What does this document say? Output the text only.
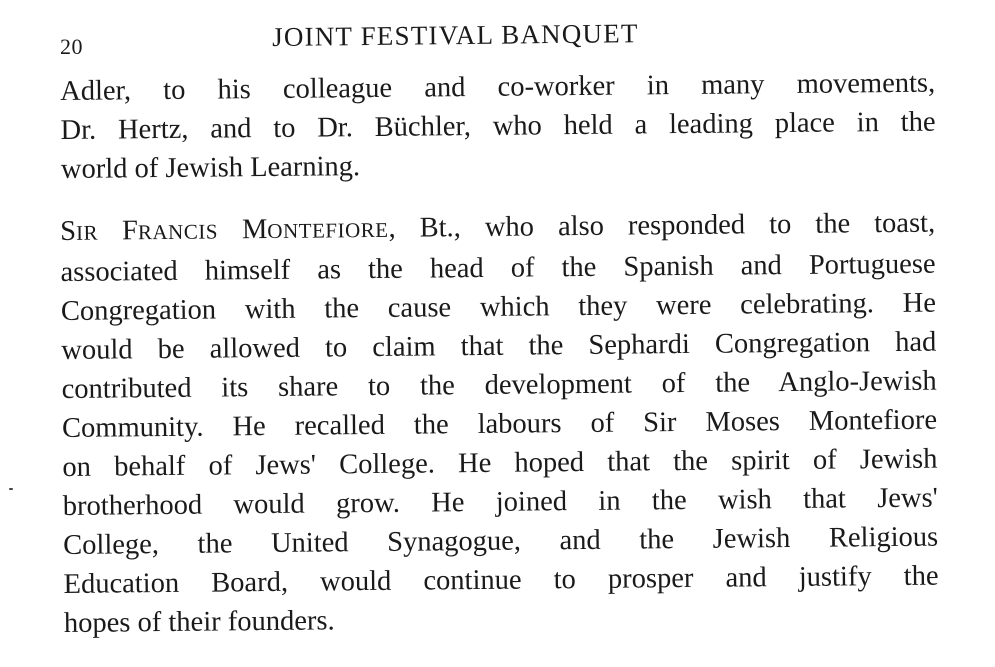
20	JOINT FESTIVAL BANQUET
Adler, to his colleague and co-worker in many movements,
Dr. Hertz, and to Dr. Büchler, who held a leading place in the
world of Jewish Learning.
SIR FRANCIS MONTEFIORE, Bt., who also responded to the toast,
associated himself as the head of the Spanish and Portuguese
Congregation with the cause which they were celebrating. He
would be allowed to claim that the Sephardi Congregation had
contributed its share to the development of the Anglo-Jewish
Community. He recalled the labours of Sir Moses Montefiore
on behalf of Jews' College. He hoped that the spirit of Jewish
brotherhood would grow. He joined in the wish that Jews'
College, the United Synagogue, and the Jewish Religious
Education Board, would continue to prosper and justify the
hopes of their founders.
